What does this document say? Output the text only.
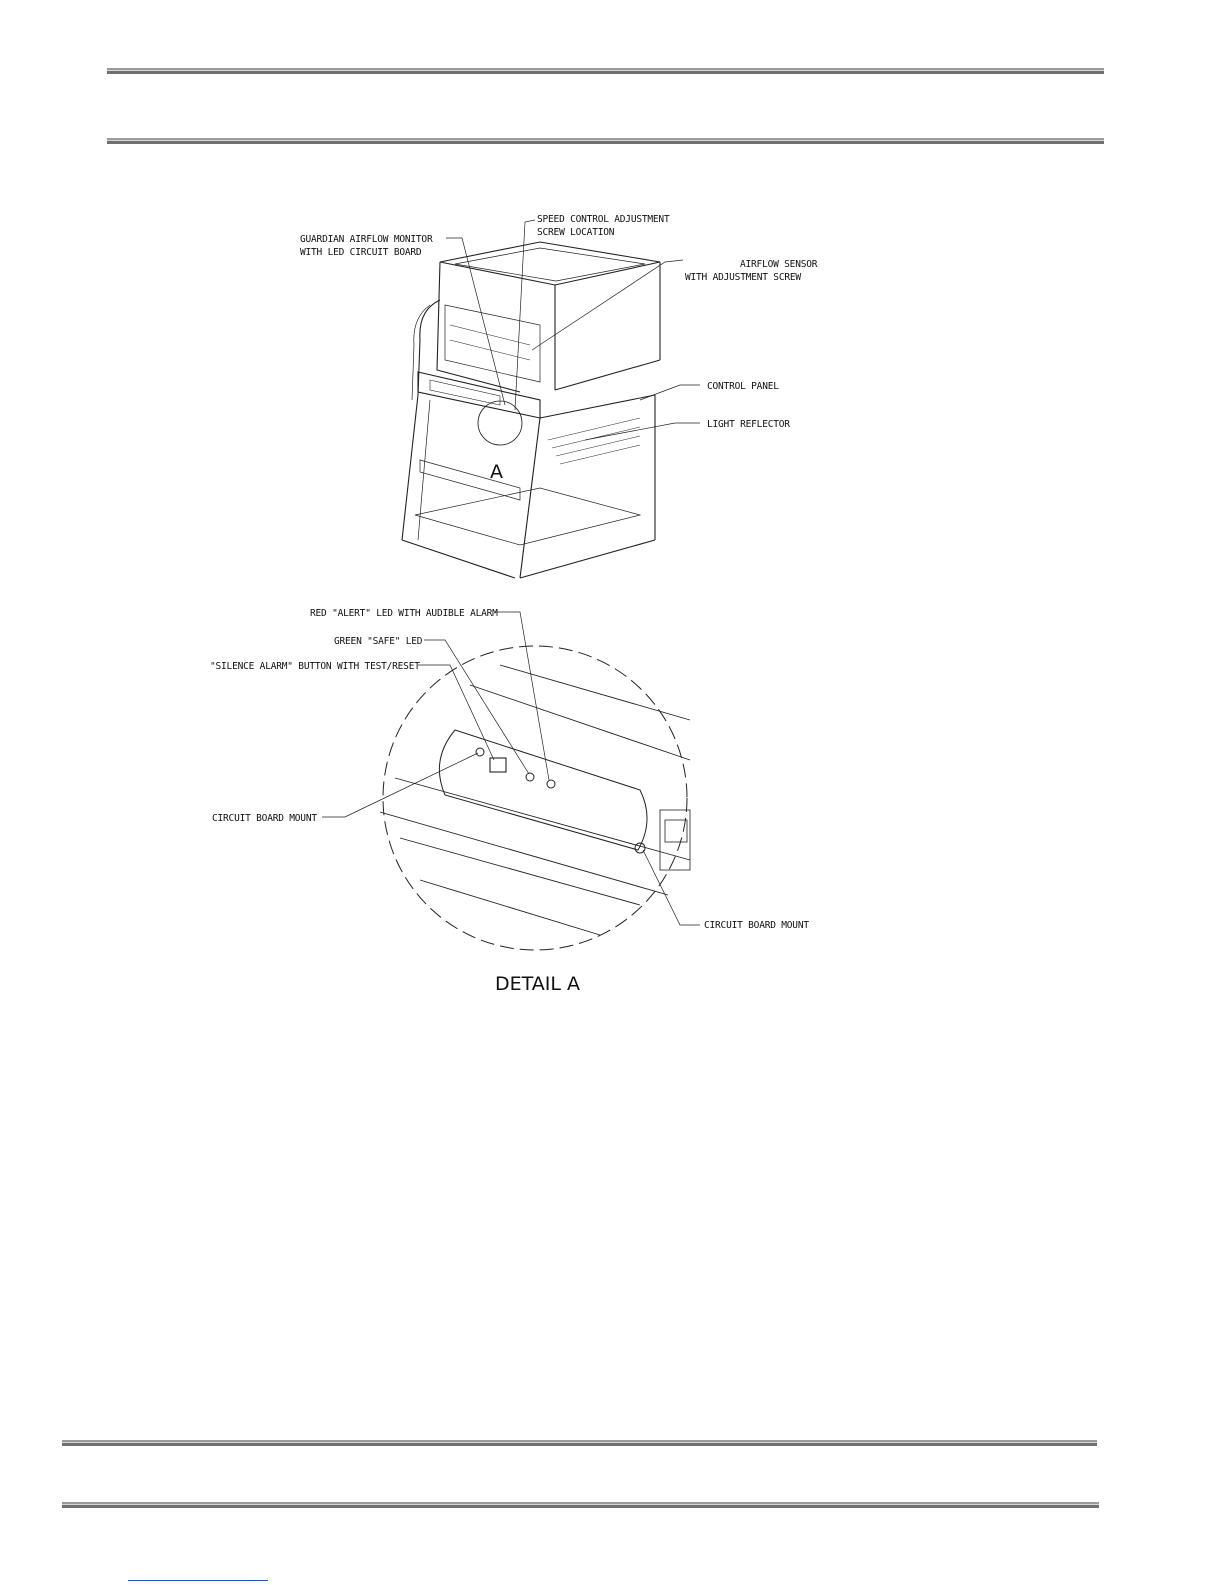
GUARDIAN AIRFLOW MONITOR
WITH LED CIRCUIT BOARD
SPEED CONTROL ADJUSTMENT
SCREW LOCATION
AIRFLOW SENSOR
WITH ADJUSTMENT SCREW
CONTROL PANEL
LIGHT REFLECTOR
A
RED "ALERT" LED WITH AUDIBLE ALARM
GREEN "SAFE" LED
"SILENCE ALARM" BUTTON WITH TEST/RESET
CIRCUIT BOARD MOUNT
CIRCUIT BOARD MOUNT
DETAIL A
